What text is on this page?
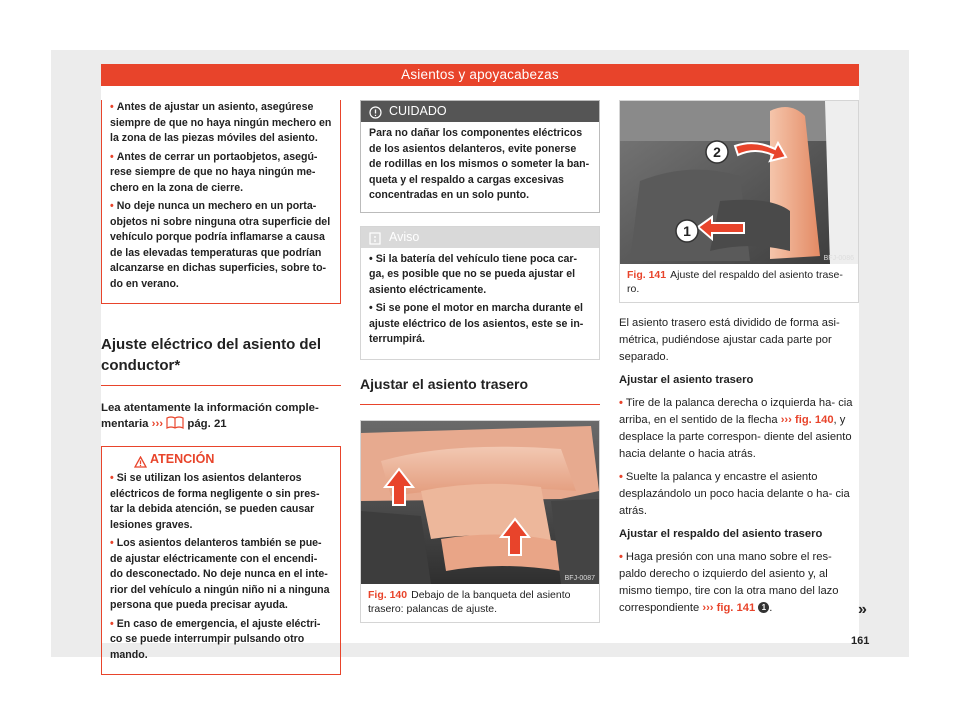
Asientos y apoyacabezas

• Antes de ajustar un asiento, asegúrese siempre de que no haya ningún mechero en la zona de las piezas móviles del asiento.

• Antes de cerrar un portaobjetos, asegú- rese siempre de que no haya ningún me- chero en la zona de cierre.

• No deje nunca un mechero en un porta- objetos ni sobre ninguna otra superficie del vehículo porque podría inflamarse a causa de las elevadas temperaturas que podrían alcanzarse en dichas superficies, sobre to- do en verano.

Ajuste eléctrico del asiento del conductor*
Lea atentamente la información comple- mentaria ››› pág. 21
ATENCIÓN

• Si se utilizan los asientos delanteros eléctricos de forma negligente o sin pres- tar la debida atención, se pueden causar lesiones graves.

• Los asientos delanteros también se pue- de ajustar eléctricamente con el encendi- do desconectado. No deje nunca en el inte- rior del vehículo a ningún niño ni a ninguna persona que pueda precisar ayuda.

• En caso de emergencia, el ajuste eléctri- co se puede interrumpir pulsando otro mando.

CUIDADO
Para no dañar los componentes eléctricos de los asientos delanteros, evite ponerse de rodillas en los mismos o someter la ban- queta y el respaldo a cargas excesivas concentradas en un solo punto.
Aviso

• Si la batería del vehículo tiene poca car- ga, es posible que no se pueda ajustar el asiento eléctricamente.

• Si se pone el motor en marcha durante el ajuste eléctrico de los asientos, este se in- terrumpirá.

Ajustar el asiento trasero
BFJ-0087
Fig. 140 Debajo de la banqueta del asiento trasero: palancas de ajuste.
2
1
BFJ-0086
Fig. 141 Ajuste del respaldo del asiento trase- ro.

El asiento trasero está dividido de forma asi- métrica, pudiéndose ajustar cada parte por separado.

Ajustar el asiento trasero

• Tire de la palanca derecha o izquierda ha- cia arriba, en el sentido de la flecha ››› fig. 140, y desplace la parte correspon- diente del asiento hacia delante o hacia atrás.

• Suelte la palanca y encastre el asiento desplazándolo un poco hacia delante o ha- cia atrás.

Ajustar el respaldo del asiento trasero

• Haga presión con una mano sobre el res- paldo derecho o izquierdo del asiento y, al mismo tiempo, tire con la otra mano del lazo correspondiente ››› fig. 141 1 .	»
161
